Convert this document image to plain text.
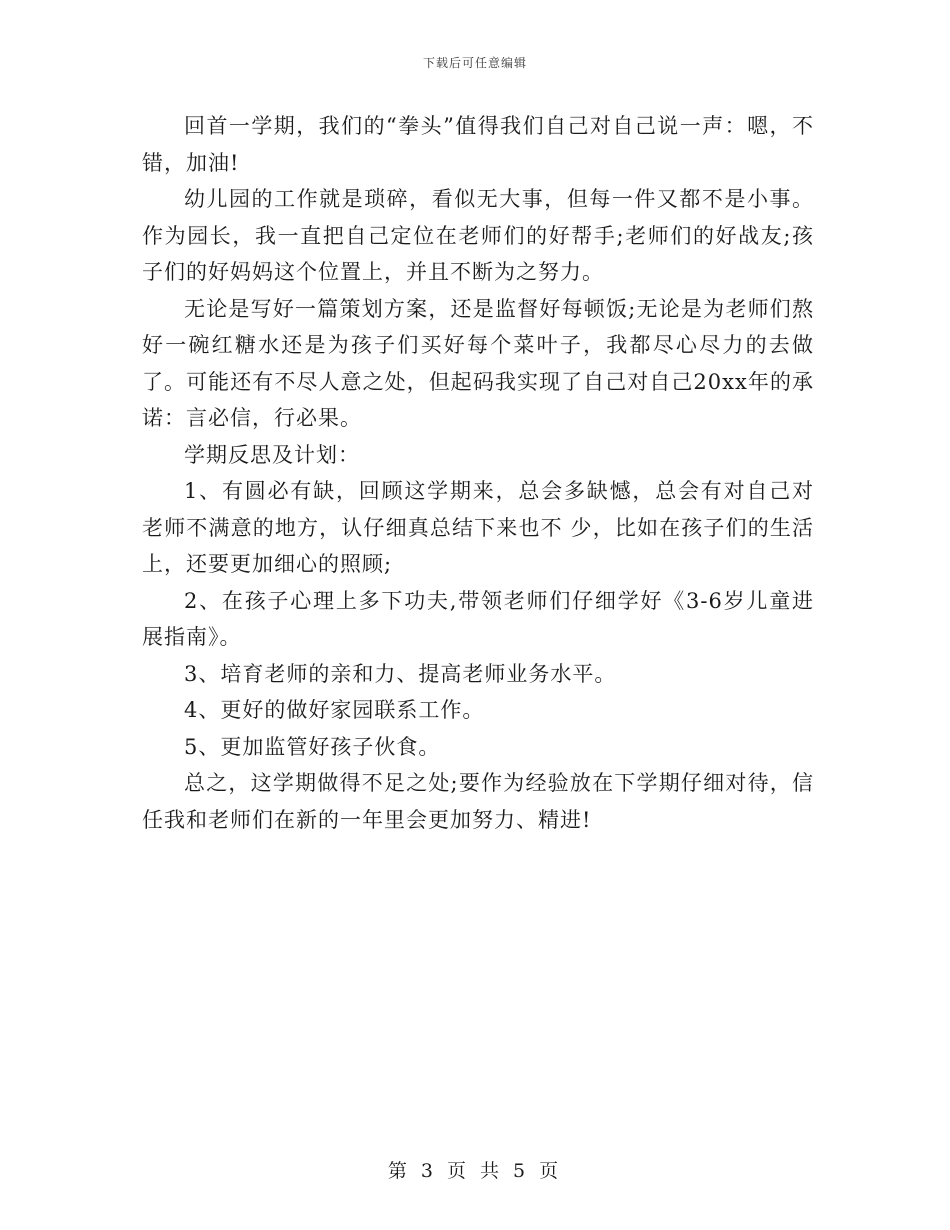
下载后可任意编辑

回首一学期，我们的“拳头”值得我们自己对自己说一声：嗯，不错，加油!

幼儿园的工作就是琐碎，看似无大事，但每一件又都不是小事。作为园长，我一直把自己定位在老师们的好帮手;老师们的好战友;孩子们的好妈妈这个位置上，并且不断为之努力。

无论是写好一篇策划方案，还是监督好每顿饭;无论是为老师们熬好一碗红糖水还是为孩子们买好每个菜叶子，我都尽心尽力的去做了。可能还有不尽人意之处，但起码我实现了自己对自己20xx年的承诺：言必信，行必果。

学期反思及计划：

1、有圆必有缺，回顾这学期来，总会多缺憾，总会有对自己对老师不满意的地方，认仔细真总结下来也不 少，比如在孩子们的生活上，还要更加细心的照顾;

2、在孩子心理上多下功夫,带领老师们仔细学好《3-6岁儿童进展指南》。

3、培育老师的亲和力、提高老师业务水平。

4、更好的做好家园联系工作。

5、更加监管好孩子伙食。

总之，这学期做得不足之处;要作为经验放在下学期仔细对待，信任我和老师们在新的一年里会更加努力、精进!

第 3 页 共 5 页
